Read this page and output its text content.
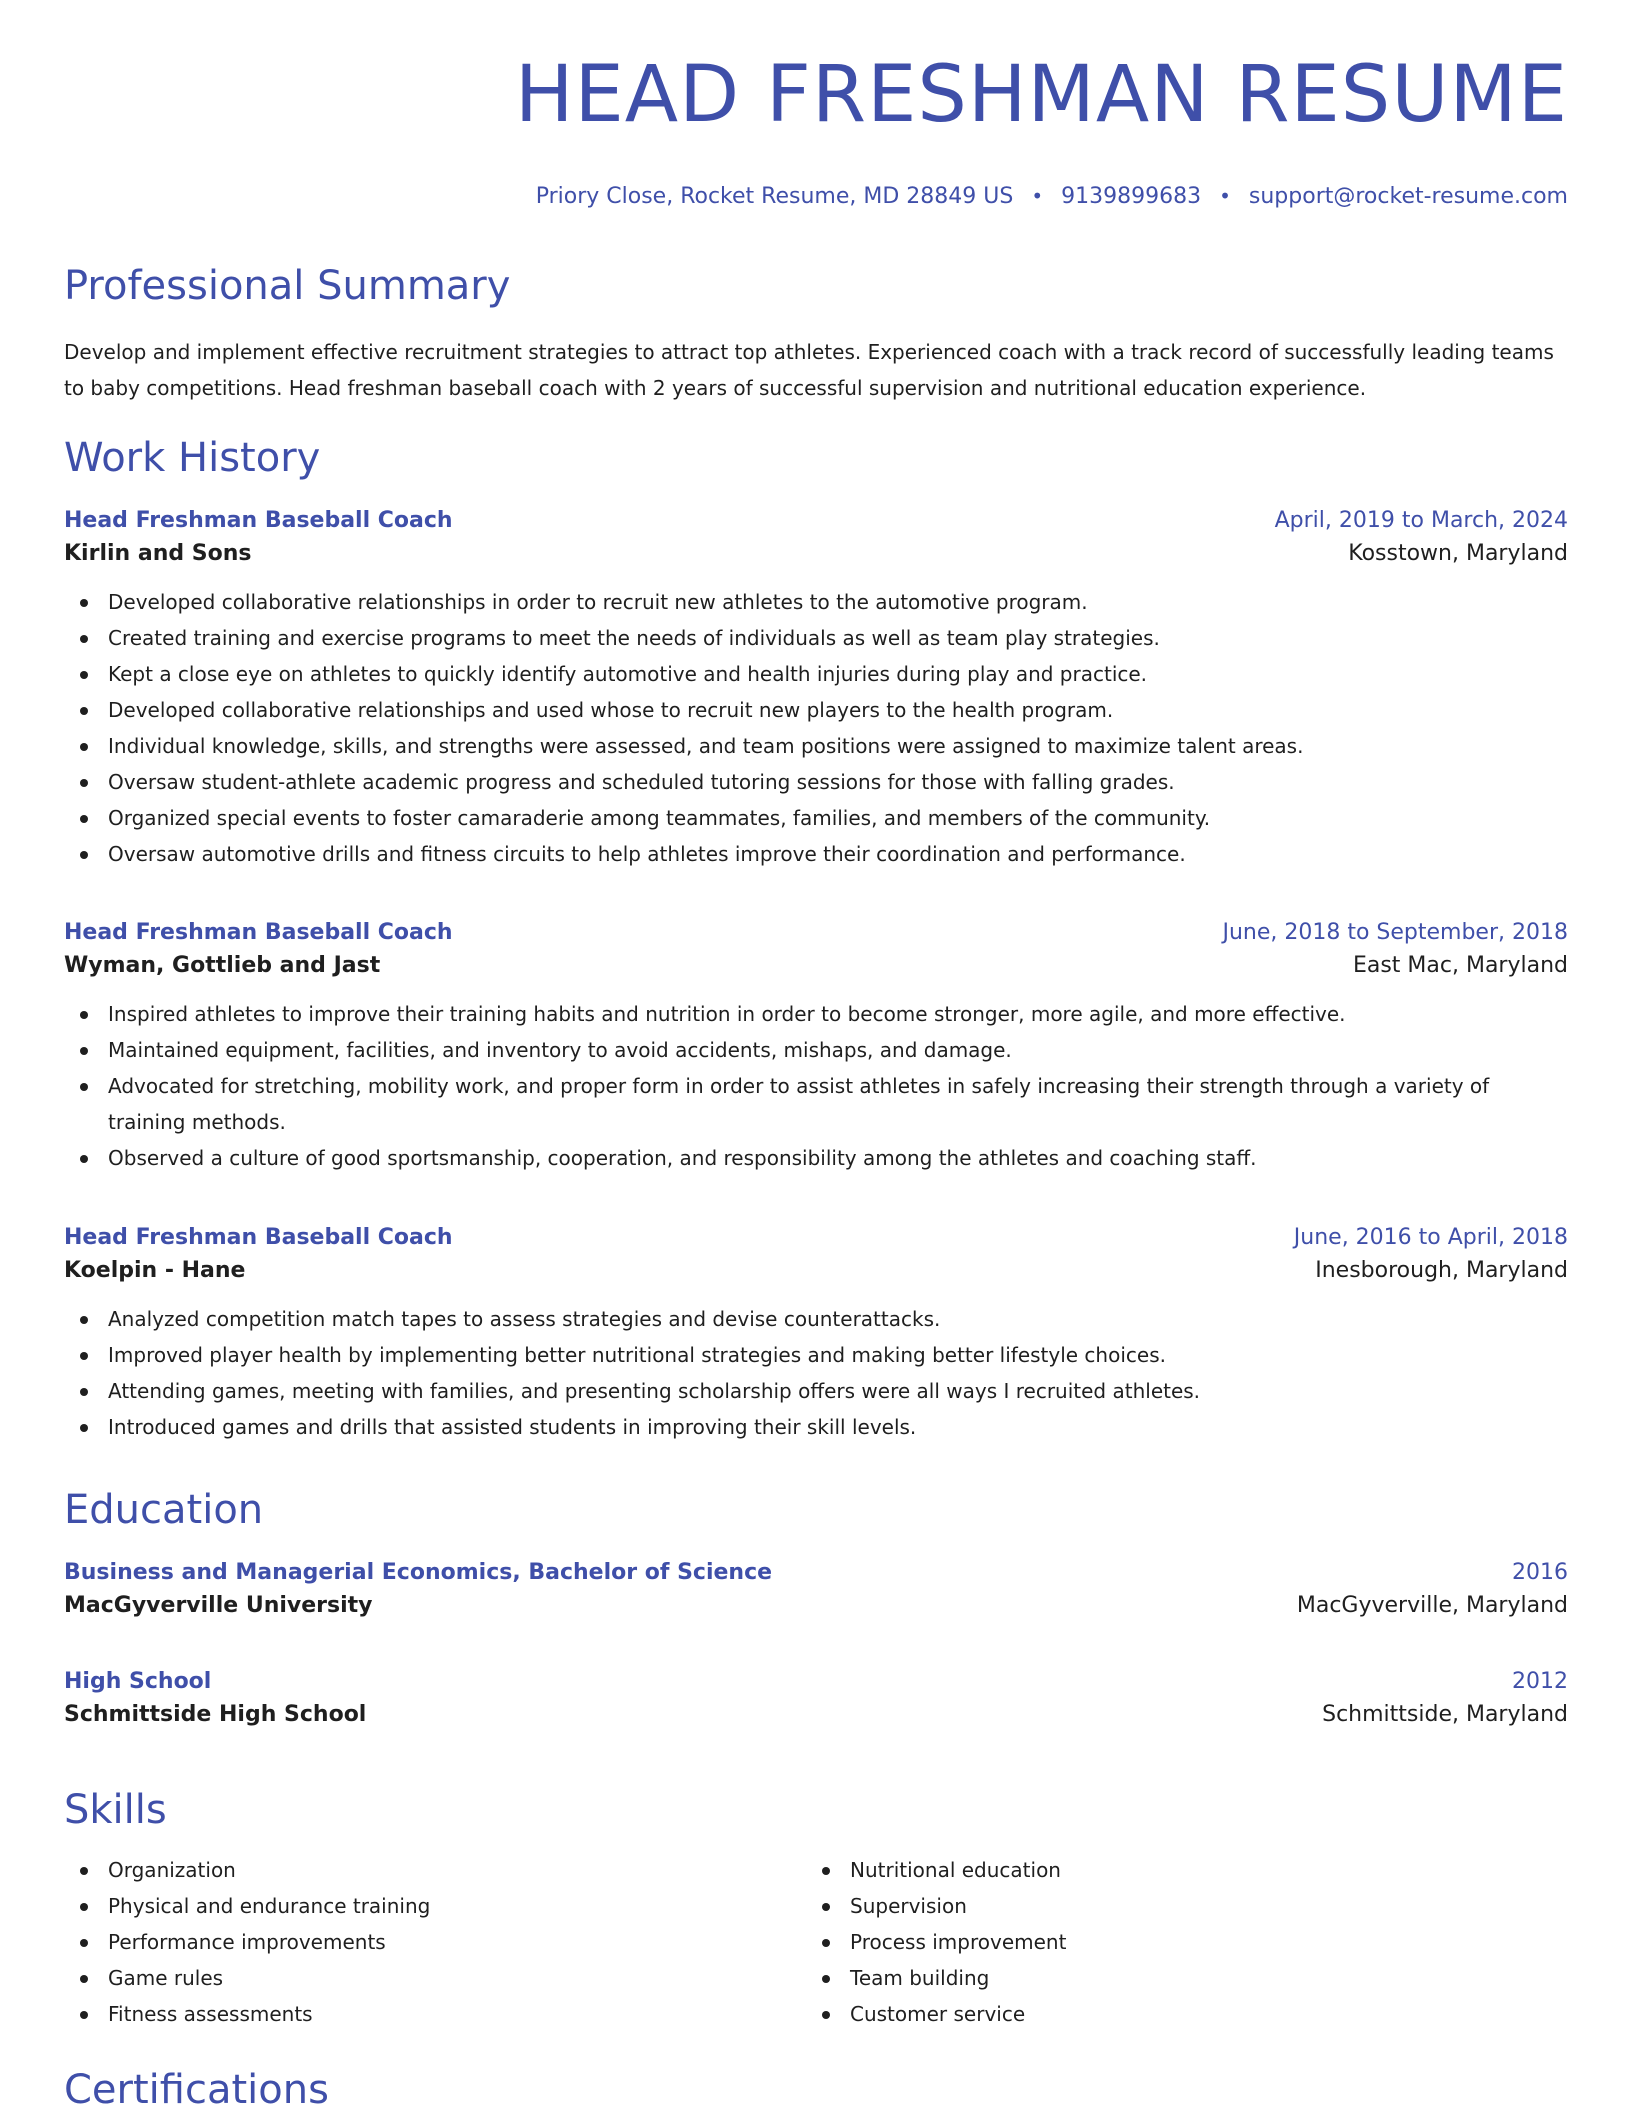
HEAD FRESHMAN RESUME
Priory Close, Rocket Resume, MD 28849 US • 9139899683 • support@rocket-resume.com
Professional Summary

Develop and implement effective recruitment strategies to attract top athletes. Experienced coach with a track record of successfully leading teams to baby competitions. Head freshman baseball coach with 2 years of successful supervision and nutritional education experience.

Work History
Head Freshman Baseball Coach	April, 2019 to March, 2024
Kirlin and Sons	Kosstown, Maryland
Developed collaborative relationships in order to recruit new athletes to the automotive program.
Created training and exercise programs to meet the needs of individuals as well as team play strategies.
Kept a close eye on athletes to quickly identify automotive and health injuries during play and practice.
Developed collaborative relationships and used whose to recruit new players to the health program.
Individual knowledge, skills, and strengths were assessed, and team positions were assigned to maximize talent areas.
Oversaw student-athlete academic progress and scheduled tutoring sessions for those with falling grades.
Organized special events to foster camaraderie among teammates, families, and members of the community.
Oversaw automotive drills and fitness circuits to help athletes improve their coordination and performance.
Head Freshman Baseball Coach	June, 2018 to September, 2018
Wyman, Gottlieb and Jast	East Mac, Maryland
Inspired athletes to improve their training habits and nutrition in order to become stronger, more agile, and more effective.
Maintained equipment, facilities, and inventory to avoid accidents, mishaps, and damage.
Advocated for stretching, mobility work, and proper form in order to assist athletes in safely increasing their strength through a variety of training methods.
Observed a culture of good sportsmanship, cooperation, and responsibility among the athletes and coaching staff.
Head Freshman Baseball Coach	June, 2016 to April, 2018
Koelpin - Hane	Inesborough, Maryland
Analyzed competition match tapes to assess strategies and devise counterattacks.
Improved player health by implementing better nutritional strategies and making better lifestyle choices.
Attending games, meeting with families, and presenting scholarship offers were all ways I recruited athletes.
Introduced games and drills that assisted students in improving their skill levels.
Education
Business and Managerial Economics, Bachelor of Science	2016
MacGyverville University	MacGyverville, Maryland
High School	2012
Schmittside High School	Schmittside, Maryland
Skills
Organization
Physical and endurance training
Performance improvements
Game rules
Fitness assessments
Nutritional education
Supervision
Process improvement
Team building
Customer service
Certifications
